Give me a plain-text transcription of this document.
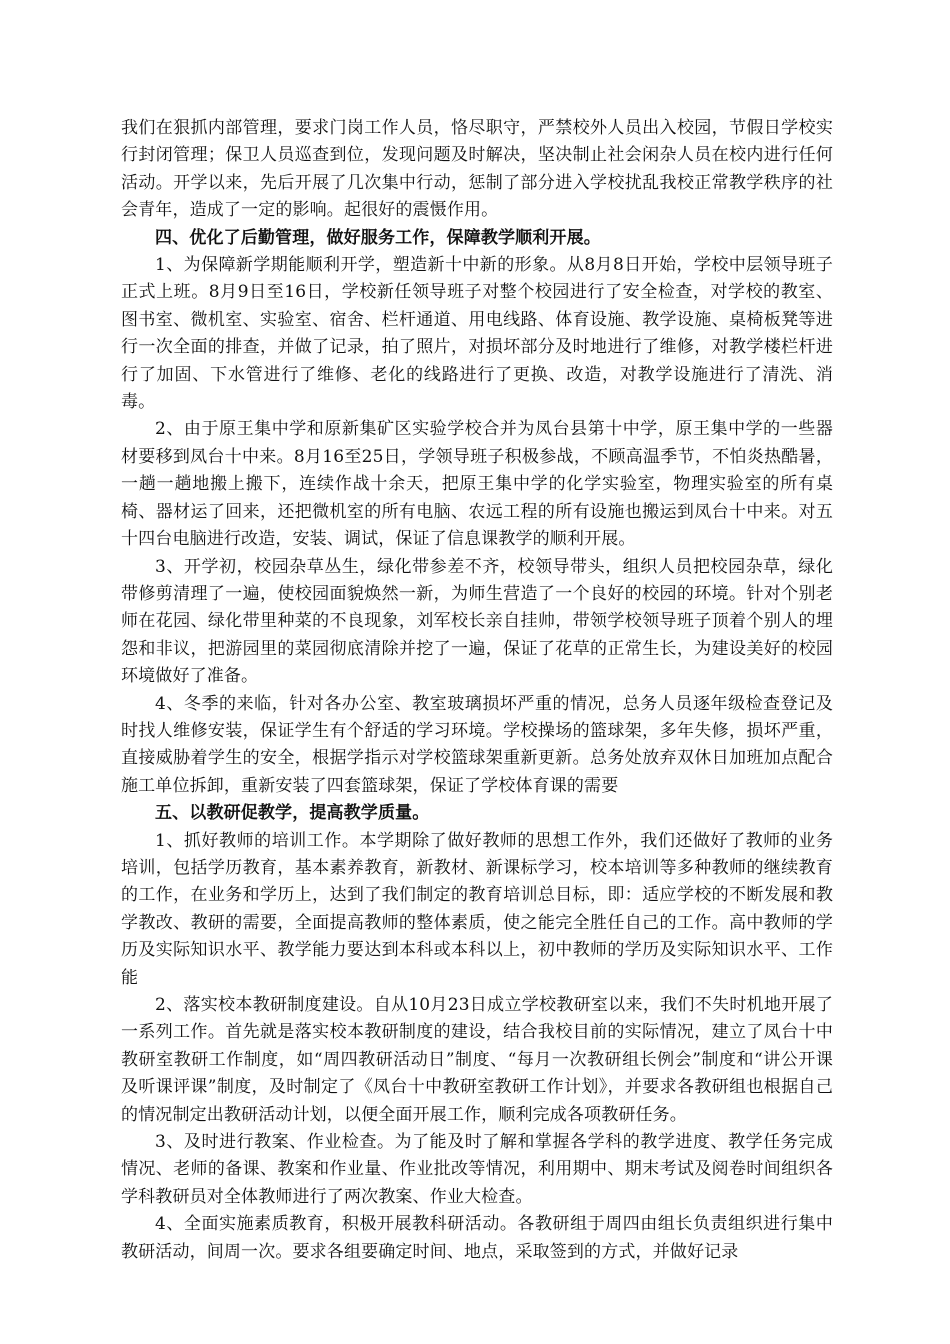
我们在狠抓内部管理，要求门岗工作人员，恪尽职守，严禁校外人员出入校园，节假日学校实行封闭管理；保卫人员巡查到位，发现问题及时解决，坚决制止社会闲杂人员在校内进行任何活动。开学以来，先后开展了几次集中行动，惩制了部分进入学校扰乱我校正常教学秩序的社会青年，造成了一定的影响。起很好的震慑作用。

四、优化了后勤管理，做好服务工作，保障教学顺利开展。

1、为保障新学期能顺利开学，塑造新十中新的形象。从8月8日开始，学校中层领导班子正式上班。8月9日至16日，学校新任领导班子对整个校园进行了安全检查，对学校的教室、图书室、微机室、实验室、宿舍、栏杆通道、用电线路、体育设施、教学设施、桌椅板凳等进行一次全面的排查，并做了记录，拍了照片，对损坏部分及时地进行了维修，对教学楼栏杆进行了加固、下水管进行了维修、老化的线路进行了更换、改造，对教学设施进行了清洗、消毒。

2、由于原王集中学和原新集矿区实验学校合并为凤台县第十中学，原王集中学的一些器材要移到凤台十中来。8月16至25日，学领导班子积极参战，不顾高温季节，不怕炎热酷暑，一趟一趟地搬上搬下，连续作战十余天，把原王集中学的化学实验室，物理实验室的所有桌椅、器材运了回来，还把微机室的所有电脑、农远工程的所有设施也搬运到凤台十中来。对五十四台电脑进行改造，安装、调试，保证了信息课教学的顺利开展。

3、开学初，校园杂草丛生，绿化带参差不齐，校领导带头，组织人员把校园杂草，绿化带修剪清理了一遍，使校园面貌焕然一新，为师生营造了一个良好的校园的环境。针对个别老师在花园、绿化带里种菜的不良现象，刘军校长亲自挂帅，带领学校领导班子顶着个别人的埋怨和非议，把游园里的菜园彻底清除并挖了一遍，保证了花草的正常生长，为建设美好的校园环境做好了准备。

4、冬季的来临，针对各办公室、教室玻璃损坏严重的情况，总务人员逐年级检查登记及时找人维修安装，保证学生有个舒适的学习环境。学校操场的篮球架，多年失修，损坏严重，直接威胁着学生的安全，根据学指示对学校篮球架重新更新。总务处放弃双休日加班加点配合施工单位拆卸，重新安装了四套篮球架，保证了学校体育课的需要

五、以教研促教学，提高教学质量。

1、抓好教师的培训工作。本学期除了做好教师的思想工作外，我们还做好了教师的业务培训，包括学历教育，基本素养教育，新教材、新课标学习，校本培训等多种教师的继续教育的工作，在业务和学历上，达到了我们制定的教育培训总目标，即：适应学校的不断发展和教学教改、教研的需要，全面提高教师的整体素质，使之能完全胜任自己的工作。高中教师的学历及实际知识水平、教学能力要达到本科或本科以上，初中教师的学历及实际知识水平、工作能

2、落实校本教研制度建设。自从10月23日成立学校教研室以来，我们不失时机地开展了一系列工作。首先就是落实校本教研制度的建设，结合我校目前的实际情况，建立了凤台十中教研室教研工作制度，如“周四教研活动日”制度、“每月一次教研组长例会”制度和“讲公开课及听课评课”制度，及时制定了《凤台十中教研室教研工作计划》，并要求各教研组也根据自己的情况制定出教研活动计划，以便全面开展工作，顺利完成各项教研任务。

3、及时进行教案、作业检查。为了能及时了解和掌握各学科的教学进度、教学任务完成情况、老师的备课、教案和作业量、作业批改等情况，利用期中、期末考试及阅卷时间组织各学科教研员对全体教师进行了两次教案、作业大检查。

4、全面实施素质教育，积极开展教科研活动。各教研组于周四由组长负责组织进行集中教研活动，间周一次。要求各组要确定时间、地点，采取签到的方式，并做好记录
